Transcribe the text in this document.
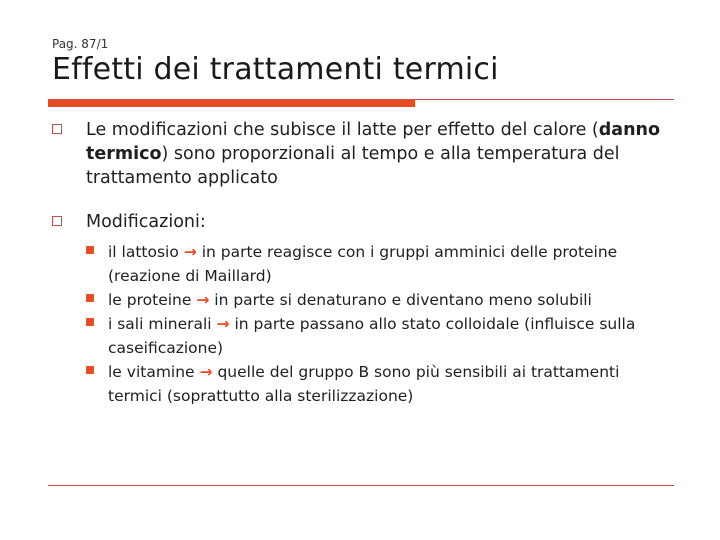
Pag. 87/1
Effetti dei trattamenti termici
Le modificazioni che subisce il latte per effetto del calore (danno termico) sono proporzionali al tempo e alla temperatura del trattamento applicato
Modificazioni:
il lattosio → in parte reagisce con i gruppi amminici delle proteine (reazione di Maillard)
le proteine → in parte si denaturano e diventano meno solubili
i sali minerali → in parte passano allo stato colloidale (influisce sulla caseificazione)
le vitamine → quelle del gruppo B sono più sensibili ai trattamenti termici (soprattutto alla sterilizzazione)
